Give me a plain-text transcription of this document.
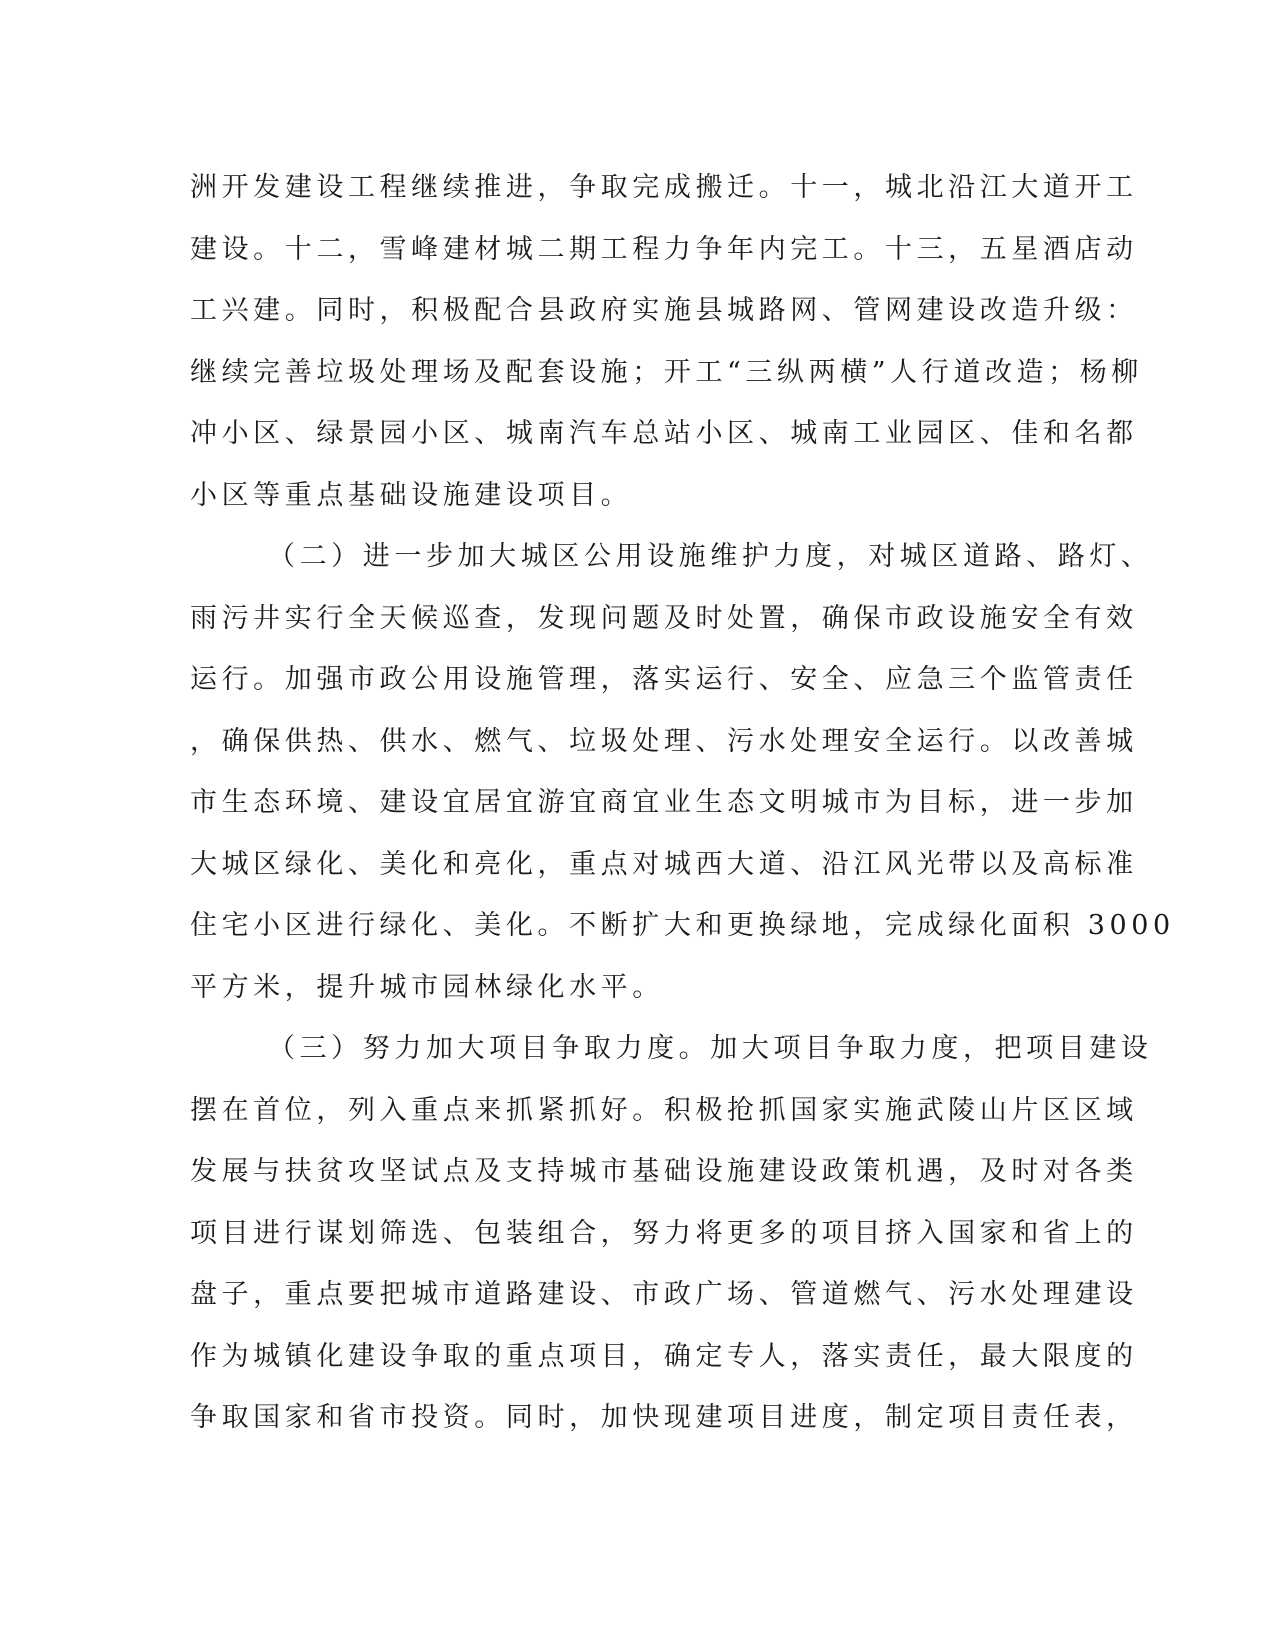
洲开发建设工程继续推进，争取完成搬迁。十一，城北沿江大道开工
建设。十二，雪峰建材城二期工程力争年内完工。十三，五星酒店动
工兴建。同时，积极配合县政府实施县城路网、管网建设改造升级：
继续完善垃圾处理场及配套设施；开工“三纵两横”人行道改造；杨柳
冲小区、绿景园小区、城南汽车总站小区、城南工业园区、佳和名都
小区等重点基础设施建设项目。
（二）进一步加大城区公用设施维护力度，对城区道路、路灯、
雨污井实行全天候巡查，发现问题及时处置，确保市政设施安全有效
运行。加强市政公用设施管理，落实运行、安全、应急三个监管责任
，确保供热、供水、燃气、垃圾处理、污水处理安全运行。以改善城
市生态环境、建设宜居宜游宜商宜业生态文明城市为目标，进一步加
大城区绿化、美化和亮化，重点对城西大道、沿江风光带以及高标准
住宅小区进行绿化、美化。不断扩大和更换绿地，完成绿化面积 3000
平方米，提升城市园林绿化水平。
（三）努力加大项目争取力度。加大项目争取力度，把项目建设
摆在首位，列入重点来抓紧抓好。积极抢抓国家实施武陵山片区区域
发展与扶贫攻坚试点及支持城市基础设施建设政策机遇，及时对各类
项目进行谋划筛选、包装组合，努力将更多的项目挤入国家和省上的
盘子，重点要把城市道路建设、市政广场、管道燃气、污水处理建设
作为城镇化建设争取的重点项目，确定专人，落实责任，最大限度的
争取国家和省市投资。同时，加快现建项目进度，制定项目责任表，
